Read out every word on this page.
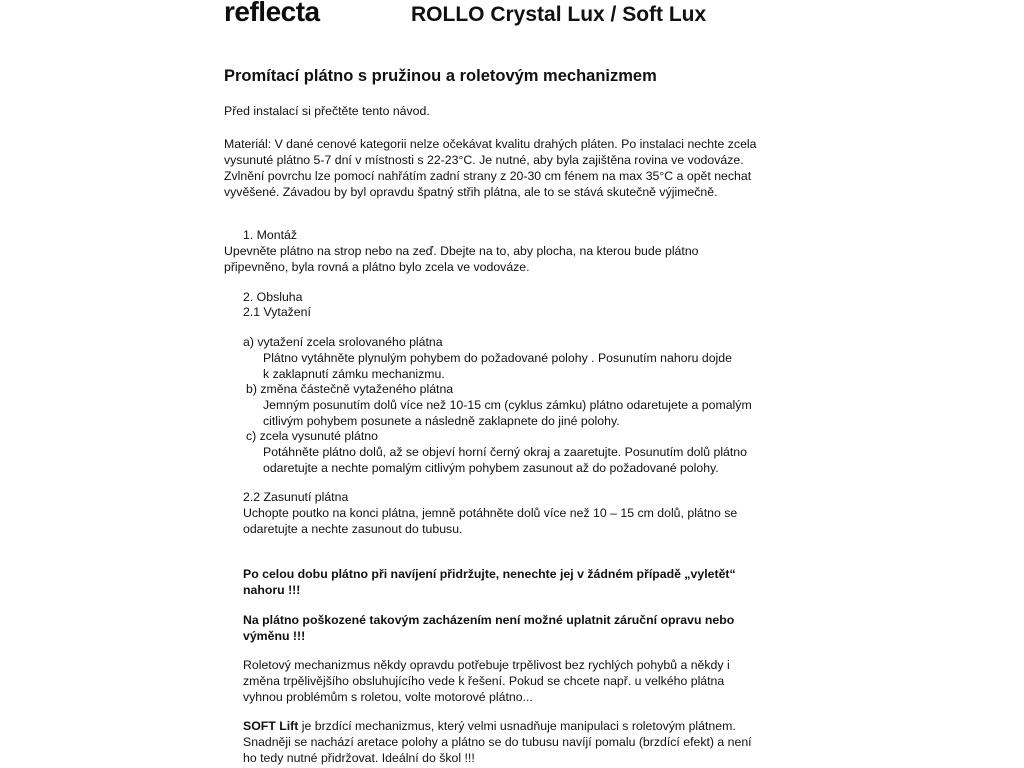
reflecta	ROLLO Crystal Lux / Soft Lux
Promítací plátno s pružinou a roletovým mechanizmem
Před instalací si přečtěte tento návod.
Materiál: V dané cenové kategorii nelze očekávat kvalitu drahých pláten. Po instalaci nechte zcela
vysunuté plátno 5-7 dní v místnosti s 22-23°C. Je nutné, aby byla zajištěna rovina ve vodováze.
Zvlnění povrchu lze pomocí nahřátím zadní strany z 20-30 cm fénem na max 35°C a opět nechat
vyvěšené. Závadou by byl opravdu špatný střih plátna, ale to se stává skutečně výjimečně.
1. Montáž
Upevněte plátno na strop nebo na zeď. Dbejte na to, aby plocha, na kterou bude plátno
připevněno, byla rovná a plátno bylo zcela ve vodováze.
2. Obsluha
2.1 Vytažení
a) vytažení zcela srolovaného plátna
Plátno vytáhněte plynulým pohybem do požadované polohy . Posunutím nahoru dojde
k zaklapnutí zámku mechanizmu.
b) změna částečně vytaženého plátna
Jemným posunutím dolů více než 10-15 cm (cyklus zámku) plátno odaretujete a pomalým
citlivým pohybem posunete a následně zaklapnete do jiné polohy.
c) zcela vysunuté plátno
Potáhněte plátno dolů, až se objeví horní černý okraj a zaaretujte. Posunutím dolů plátno
odaretujte a nechte pomalým citlivým pohybem zasunout až do požadované polohy.
2.2 Zasunutí plátna
Uchopte poutko na konci plátna, jemně potáhněte dolů více než 10 – 15 cm dolů, plátno se
odaretujte a nechte zasunout do tubusu.
Po celou dobu plátno při navíjení přidržujte, nenechte jej v žádném případě „vyletět“
nahoru !!!
Na plátno poškozené takovým zacházením není možné uplatnit záruční opravu nebo
výměnu !!!
Roletový mechanizmus někdy opravdu potřebuje trpělivost bez rychlých pohybů a někdy i
změna trpělivějšího obsluhujícího vede k řešení. Pokud se chcete např. u velkého plátna
vyhnou problémům s roletou, volte motorové plátno...
SOFT Lift je brzdící mechanizmus, který velmi usnadňuje manipulaci s roletovým plátnem.
Snadněji se nachází aretace polohy a plátno se do tubusu navíjí pomalu (brzdící efekt) a není
ho tedy nutné přidržovat. Ideální do škol !!!
